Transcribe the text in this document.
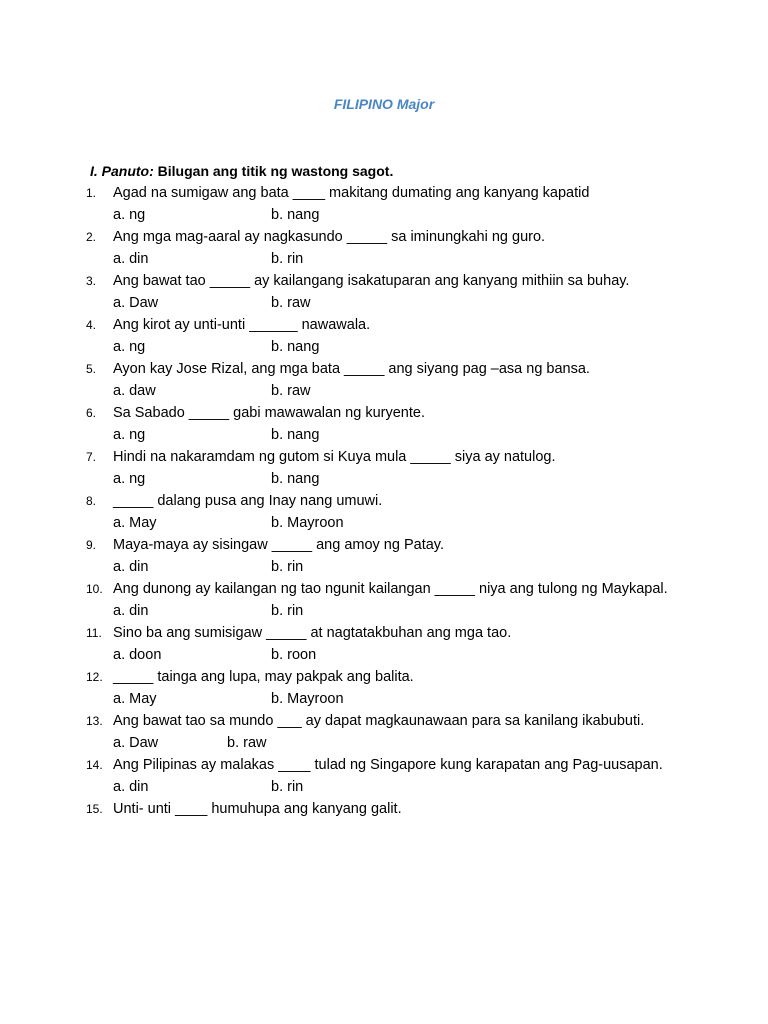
FILIPINO Major
I. Panuto: Bilugan ang titik ng wastong sagot.
1.	Agad na sumigaw ang bata ____ makitang dumating ang kanyang kapatid
a. ng	b. nang
2.	Ang mga mag-aaral ay nagkasundo _____ sa iminungkahi ng guro.
a. din	b. rin
3.	Ang bawat tao _____ ay kailangang isakatuparan ang kanyang mithiin sa buhay.
a. Daw	b. raw
4.	Ang kirot ay unti-unti ______ nawawala.
a. ng	b. nang
5.	Ayon kay Jose Rizal, ang mga bata _____ ang siyang pag –asa ng bansa.
a. daw	b. raw
6.	Sa Sabado _____ gabi mawawalan ng kuryente.
a. ng	b. nang
7.	Hindi na nakaramdam ng gutom si Kuya mula _____ siya ay natulog.
a. ng	b. nang
8.	_____ dalang pusa ang Inay nang umuwi.
a. May	b. Mayroon
9.	Maya-maya ay sisingaw _____ ang amoy ng Patay.
a. din	b. rin
10. Ang dunong ay kailangan ng tao ngunit kailangan _____ niya ang tulong ng Maykapal.
a. din	b. rin
11. Sino ba ang sumisigaw _____ at nagtatakbuhan ang mga tao.
a. doon	b. roon
12. _____ tainga ang lupa, may pakpak ang balita.
a. May	b. Mayroon
13. Ang bawat tao sa mundo ___ ay dapat magkaunawaan para sa kanilang ikabubuti.
a. Daw	b. raw
14. Ang Pilipinas ay malakas ____ tulad ng Singapore kung karapatan ang Pag-uusapan.
a. din	b. rin
15. Unti- unti ____ humuhupa ang kanyang galit.
